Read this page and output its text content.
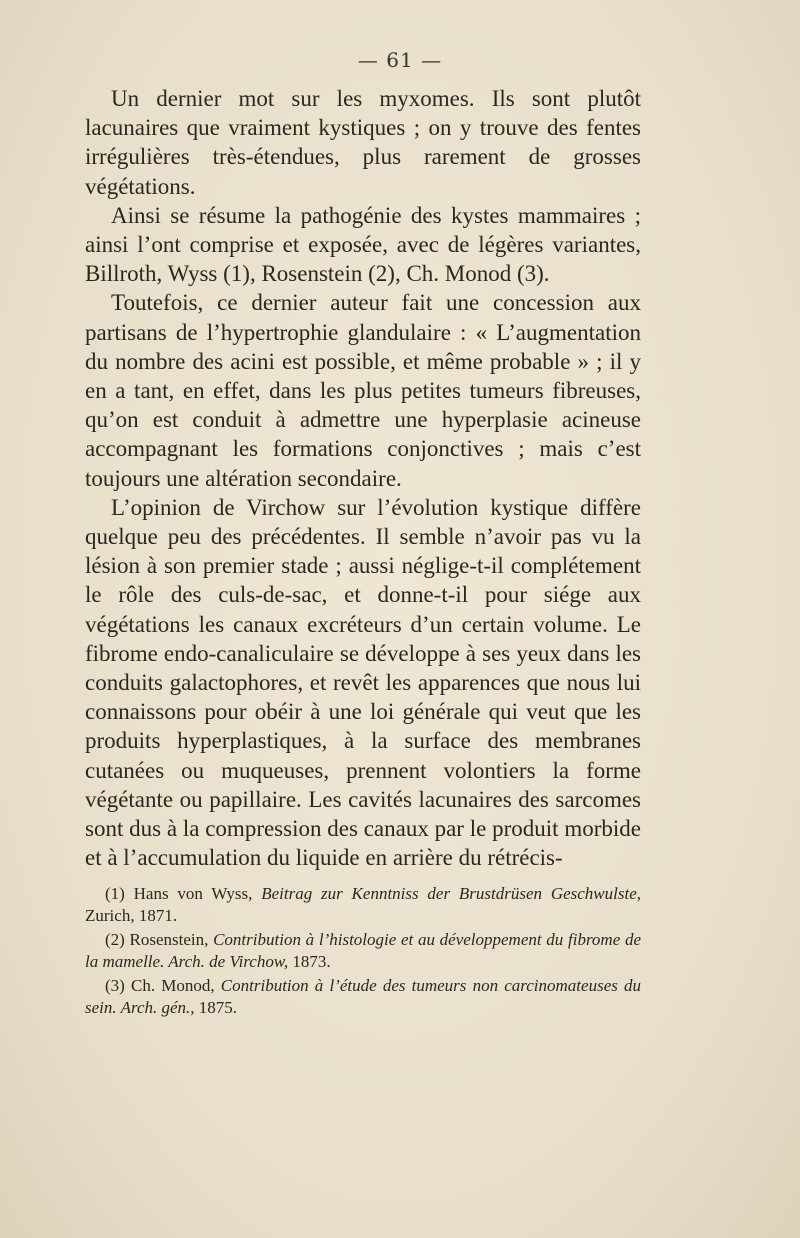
— 61 —

Un dernier mot sur les myxomes. Ils sont plutôt lacunaires que vraiment kystiques ; on y trouve des fentes irrégulières très-étendues, plus rarement de grosses végétations.

Ainsi se résume la pathogénie des kystes mammaires ; ainsi l’ont comprise et exposée, avec de légères variantes, Billroth, Wyss (1), Rosenstein (2), Ch. Monod (3).

Toutefois, ce dernier auteur fait une concession aux partisans de l’hypertrophie glandulaire : « L’augmentation du nombre des acini est possible, et même probable » ; il y en a tant, en effet, dans les plus petites tumeurs fibreuses, qu’on est conduit à admettre une hyperplasie acineuse accompagnant les formations conjonctives ; mais c’est toujours une altération secondaire.

L’opinion de Virchow sur l’évolution kystique diffère quelque peu des précédentes. Il semble n’avoir pas vu la lésion à son premier stade ; aussi néglige-t-il complétement le rôle des culs-de-sac, et donne-t-il pour siége aux végétations les canaux excréteurs d’un certain volume. Le fibrome endo-canaliculaire se développe à ses yeux dans les conduits galactophores, et revêt les apparences que nous lui connaissons pour obéir à une loi générale qui veut que les produits hyperplastiques, à la surface des membranes cutanées ou muqueuses, prennent volontiers la forme végétante ou papillaire. Les cavités lacunaires des sarcomes sont dus à la compression des canaux par le produit morbide et à l’accumulation du liquide en arrière du rétrécis-

(1) Hans von Wyss, Beitrag zur Kenntniss der Brustdrüsen Geschwulste, Zurich, 1871.

(2) Rosenstein, Contribution à l’histologie et au développement du fibrome de la mamelle. Arch. de Virchow, 1873.

(3) Ch. Monod, Contribution à l’étude des tumeurs non carcinomateuses du sein. Arch. gén., 1875.
